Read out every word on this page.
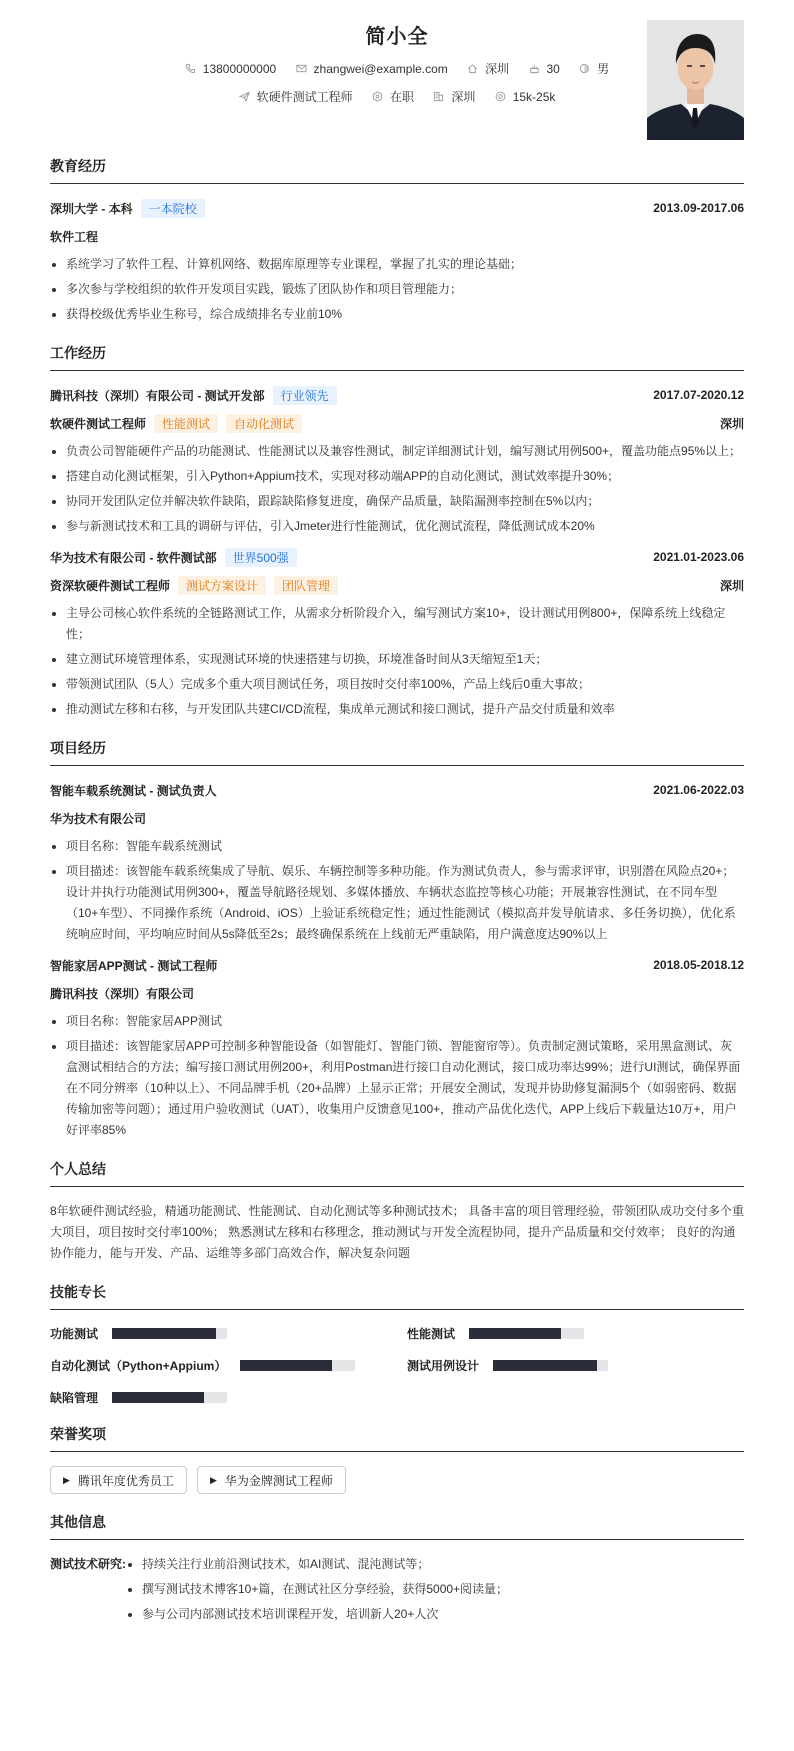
简小全
13800000000
	zhangwei@example.com
	深圳
	30
	男
软硬件测试工程师
	在职
	深圳
	15k-25k
教育经历
深圳大学 - 本科	一本院校	2013.09-2017.06
软件工程
系统学习了软件工程、计算机网络、数据库原理等专业课程，掌握了扎实的理论基础；
多次参与学校组织的软件开发项目实践，锻炼了团队协作和项目管理能力；
获得校级优秀毕业生称号，综合成绩排名专业前10%
工作经历
腾讯科技（深圳）有限公司 - 测试开发部	行业领先	2017.07-2020.12
软硬件测试工程师	性能测试	自动化测试	深圳
负责公司智能硬件产品的功能测试、性能测试以及兼容性测试，制定详细测试计划，编写测试用例500+，覆盖功能点95%以上；
搭建自动化测试框架，引入Python+Appium技术，实现对移动端APP的自动化测试，测试效率提升30%；
协同开发团队定位并解决软件缺陷，跟踪缺陷修复进度，确保产品质量，缺陷漏测率控制在5%以内；
参与新测试技术和工具的调研与评估，引入Jmeter进行性能测试，优化测试流程，降低测试成本20%
华为技术有限公司 - 软件测试部	世界500强	2021.01-2023.06
资深软硬件测试工程师	测试方案设计	团队管理	深圳
主导公司核心软件系统的全链路测试工作，从需求分析阶段介入，编写测试方案10+，设计测试用例800+，保障系统上线稳定性；
建立测试环境管理体系，实现测试环境的快速搭建与切换，环境准备时间从3天缩短至1天；
带领测试团队（5人）完成多个重大项目测试任务，项目按时交付率100%，产品上线后0重大事故；
推动测试左移和右移，与开发团队共建CI/CD流程，集成单元测试和接口测试，提升产品交付质量和效率
项目经历
智能车载系统测试 - 测试负责人	2021.06-2022.03
华为技术有限公司
项目名称：智能车载系统测试
项目描述：该智能车载系统集成了导航、娱乐、车辆控制等多种功能。作为测试负责人，参与需求评审，识别潜在风险点20+；设计并执行功能测试用例300+，覆盖导航路径规划、多媒体播放、车辆状态监控等核心功能；开展兼容性测试，在不同车型（10+车型）、不同操作系统（Android、iOS）上验证系统稳定性；通过性能测试（模拟高并发导航请求、多任务切换），优化系统响应时间，平均响应时间从5s降低至2s；最终确保系统在上线前无严重缺陷，用户满意度达90%以上
智能家居APP测试 - 测试工程师	2018.05-2018.12
腾讯科技（深圳）有限公司
项目名称：智能家居APP测试
项目描述：该智能家居APP可控制多种智能设备（如智能灯、智能门锁、智能窗帘等）。负责制定测试策略，采用黑盒测试、灰盒测试相结合的方法；编写接口测试用例200+，利用Postman进行接口自动化测试，接口成功率达99%；进行UI测试，确保界面在不同分辨率（10种以上）、不同品牌手机（20+品牌）上显示正常；开展安全测试，发现并协助修复漏洞5个（如弱密码、数据传输加密等问题）；通过用户验收测试（UAT），收集用户反馈意见100+，推动产品优化迭代，APP上线后下载量达10万+，用户好评率85%
个人总结
8年软硬件测试经验，精通功能测试、性能测试、自动化测试等多种测试技术； 具备丰富的项目管理经验，带领团队成功交付多个重大项目，项目按时交付率100%； 熟悉测试左移和右移理念，推动测试与开发全流程协同，提升产品质量和交付效率； 良好的沟通协作能力，能与开发、产品、运维等多部门高效合作，解决复杂问题
技能专长
功能测试	性能测试
自动化测试（Python+Appium）	测试用例设计
缺陷管理
荣誉奖项
▶ 腾讯年度优秀员工	▶ 华为金牌测试工程师
其他信息
测试技术研究:	持续关注行业前沿测试技术，如AI测试、混沌测试等；
撰写测试技术博客10+篇，在测试社区分享经验，获得5000+阅读量；
参与公司内部测试技术培训课程开发，培训新人20+人次
